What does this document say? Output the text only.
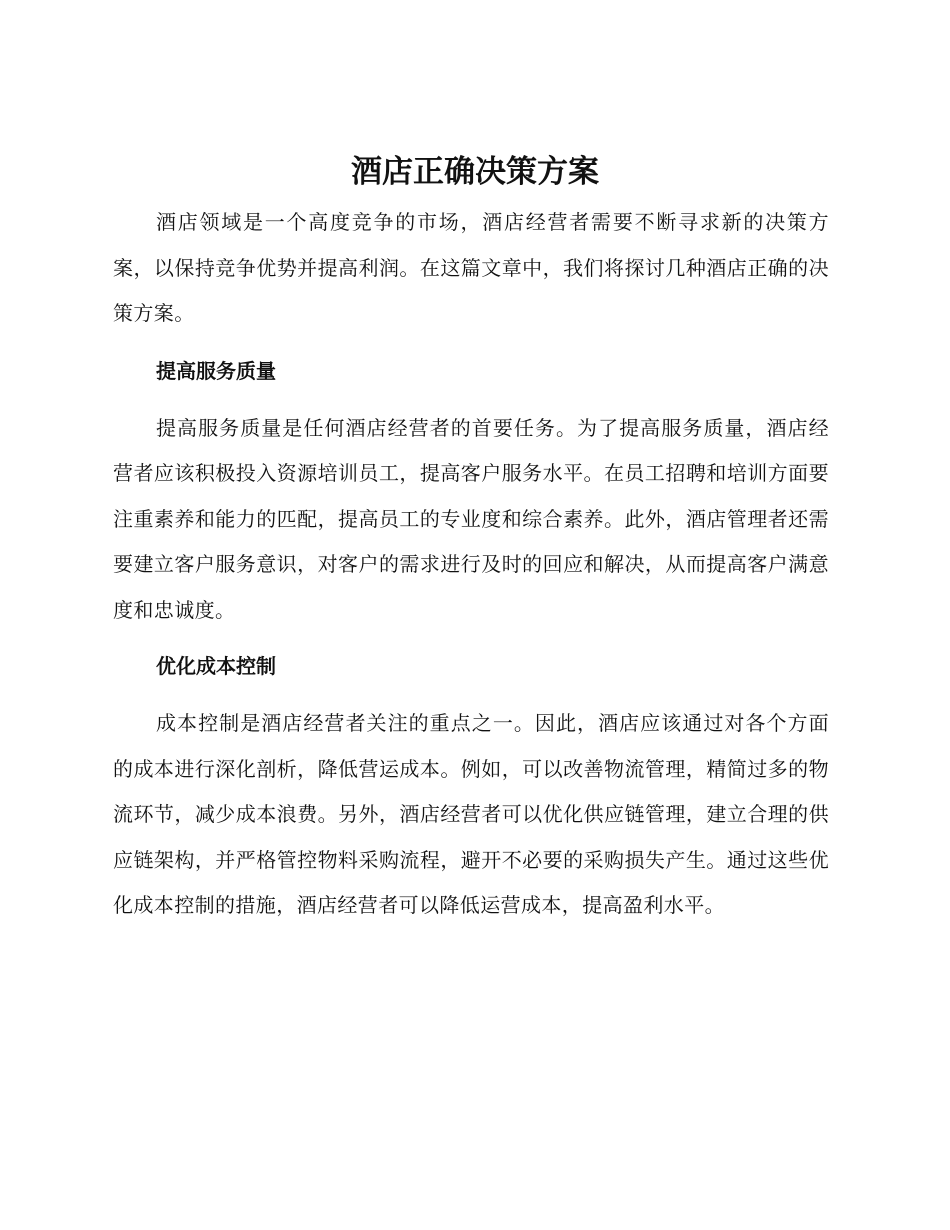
酒店正确决策方案

酒店领域是一个高度竞争的市场，酒店经营者需要不断寻求新的决策方案，以保持竞争优势并提高利润。在这篇文章中，我们将探讨几种酒店正确的决策方案。

提高服务质量

提高服务质量是任何酒店经营者的首要任务。为了提高服务质量，酒店经营者应该积极投入资源培训员工，提高客户服务水平。在员工招聘和培训方面要注重素养和能力的匹配，提高员工的专业度和综合素养。此外，酒店管理者还需要建立客户服务意识，对客户的需求进行及时的回应和解决，从而提高客户满意度和忠诚度。

优化成本控制

成本控制是酒店经营者关注的重点之一。因此，酒店应该通过对各个方面的成本进行深化剖析，降低营运成本。例如，可以改善物流管理，精简过多的物流环节，减少成本浪费。另外，酒店经营者可以优化供应链管理，建立合理的供应链架构，并严格管控物料采购流程，避开不必要的采购损失产生。通过这些优化成本控制的措施，酒店经营者可以降低运营成本，提高盈利水平。
